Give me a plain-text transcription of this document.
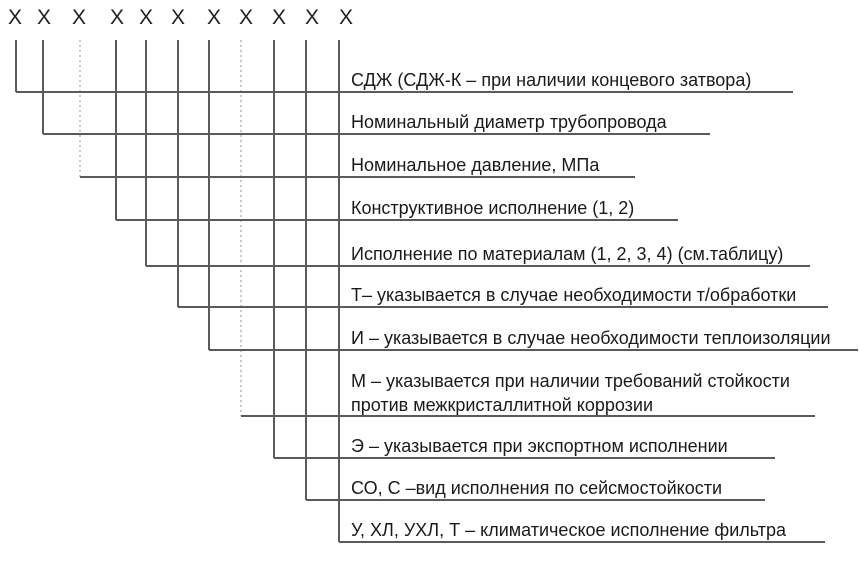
X X X X X X X X X X X
СДЖ (СДЖ-К – при наличии концевого затвора)
Номинальный диаметр трубопровода
Номинальное давление, МПа
Конструктивное исполнение (1, 2)
Исполнение по материалам (1, 2, 3, 4) (см.таблицу)
Т– указывается в случае необходимости т/обработки
И – указывается в случае необходимости теплоизоляции
М – указывается при наличии требований стойкости
против межкристаллитной коррозии
Э – указывается при экспортном исполнении
СО, С –вид исполнения по сейсмостойкости
У, ХЛ, УХЛ, Т – климатическое исполнение фильтра
